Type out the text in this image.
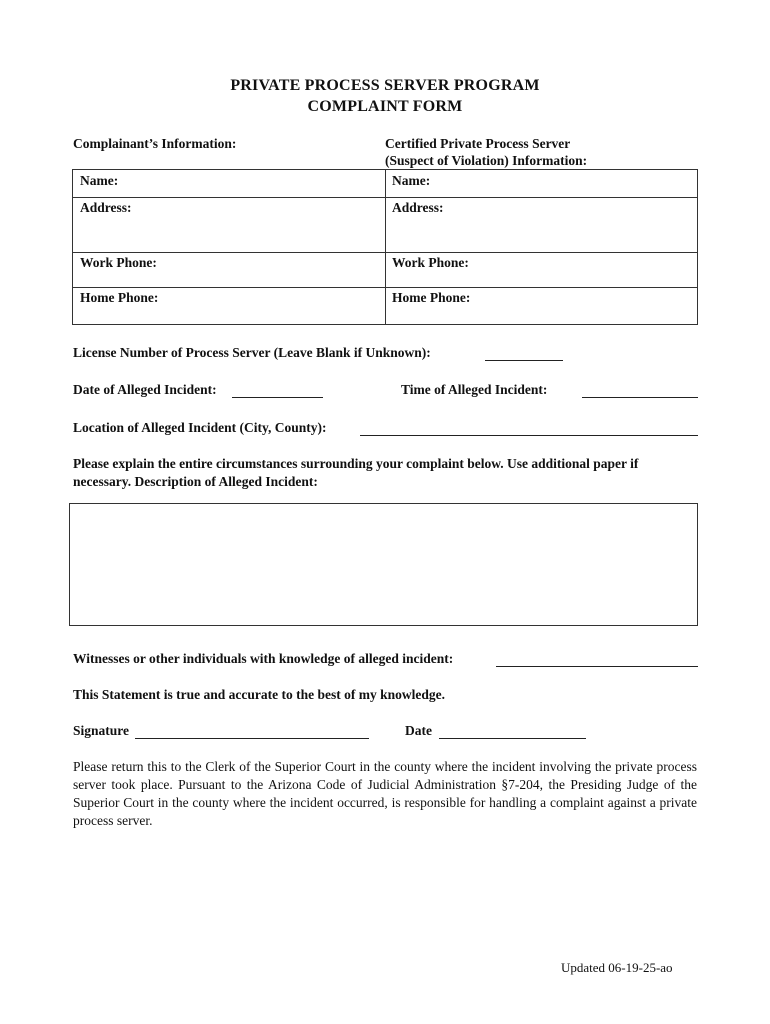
PRIVATE PROCESS SERVER PROGRAM
COMPLAINT FORM
Complainant’s Information:	Certified Private Process Server
(Suspect of Violation) Information:
Name:	Name:
Address:	Address:
Work Phone:	Work Phone:
Home Phone:	Home Phone:
License Number of Process Server (Leave Blank if Unknown):
Date of Alleged Incident:	Time of Alleged Incident:
Location of Alleged Incident (City, County):
Please explain the entire circumstances surrounding your complaint below. Use additional paper if
necessary. Description of Alleged Incident:
Witnesses or other individuals with knowledge of alleged incident:
This Statement is true and accurate to the best of my knowledge.
Signature	Date
Please return this to the Clerk of the Superior Court in the county where the incident involving the private process server took place. Pursuant to the Arizona Code of Judicial Administration §7-204, the Presiding Judge of the Superior Court in the county where the incident occurred, is responsible for handling a complaint against a private process server.
Updated 06-19-25-ao
